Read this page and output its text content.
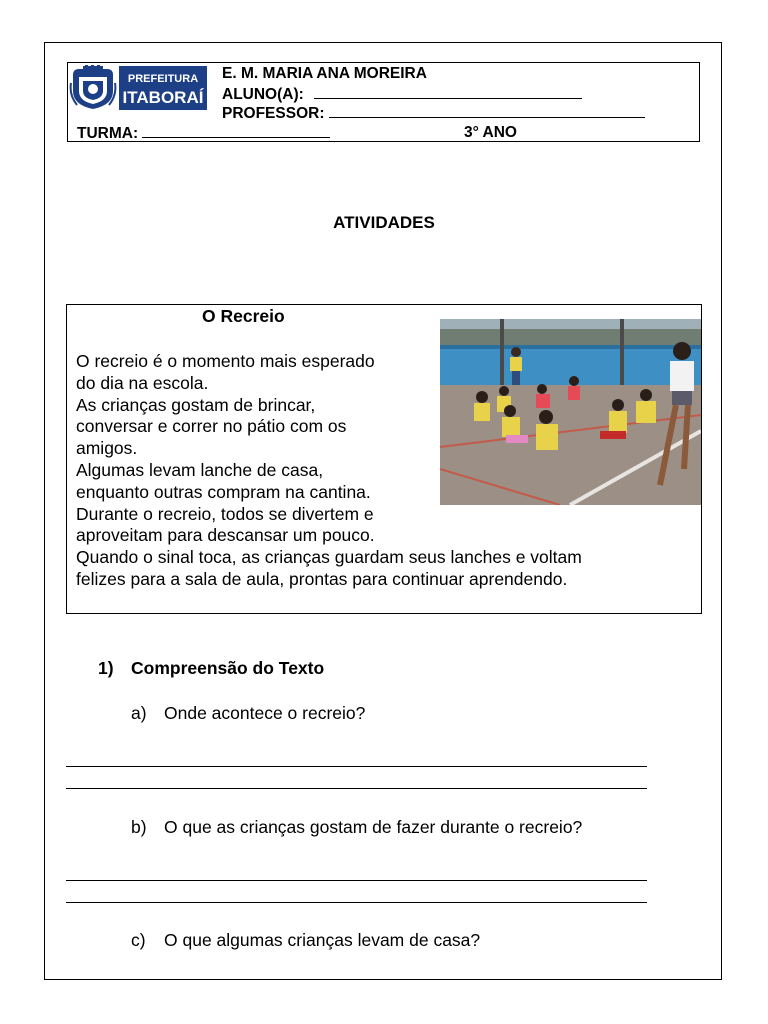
PREFEITURA
ITABORAÍ
E. M. MARIA ANA MOREIRA
ALUNO(A):
PROFESSOR:
TURMA:	3° ANO
ATIVIDADES
O Recreio
O recreio é o momento mais esperado
do dia na escola.
As crianças gostam de brincar,
conversar e correr no pátio com os
amigos.
Algumas levam lanche de casa,
enquanto outras compram na cantina.
Durante o recreio, todos se divertem e
aproveitam para descansar um pouco.
Quando o sinal toca, as crianças guardam seus lanches e voltam
felizes para a sala de aula, prontas para continuar aprendendo.
1) Compreensão do Texto
a) Onde acontece o recreio?
b) O que as crianças gostam de fazer durante o recreio?
c) O que algumas crianças levam de casa?
